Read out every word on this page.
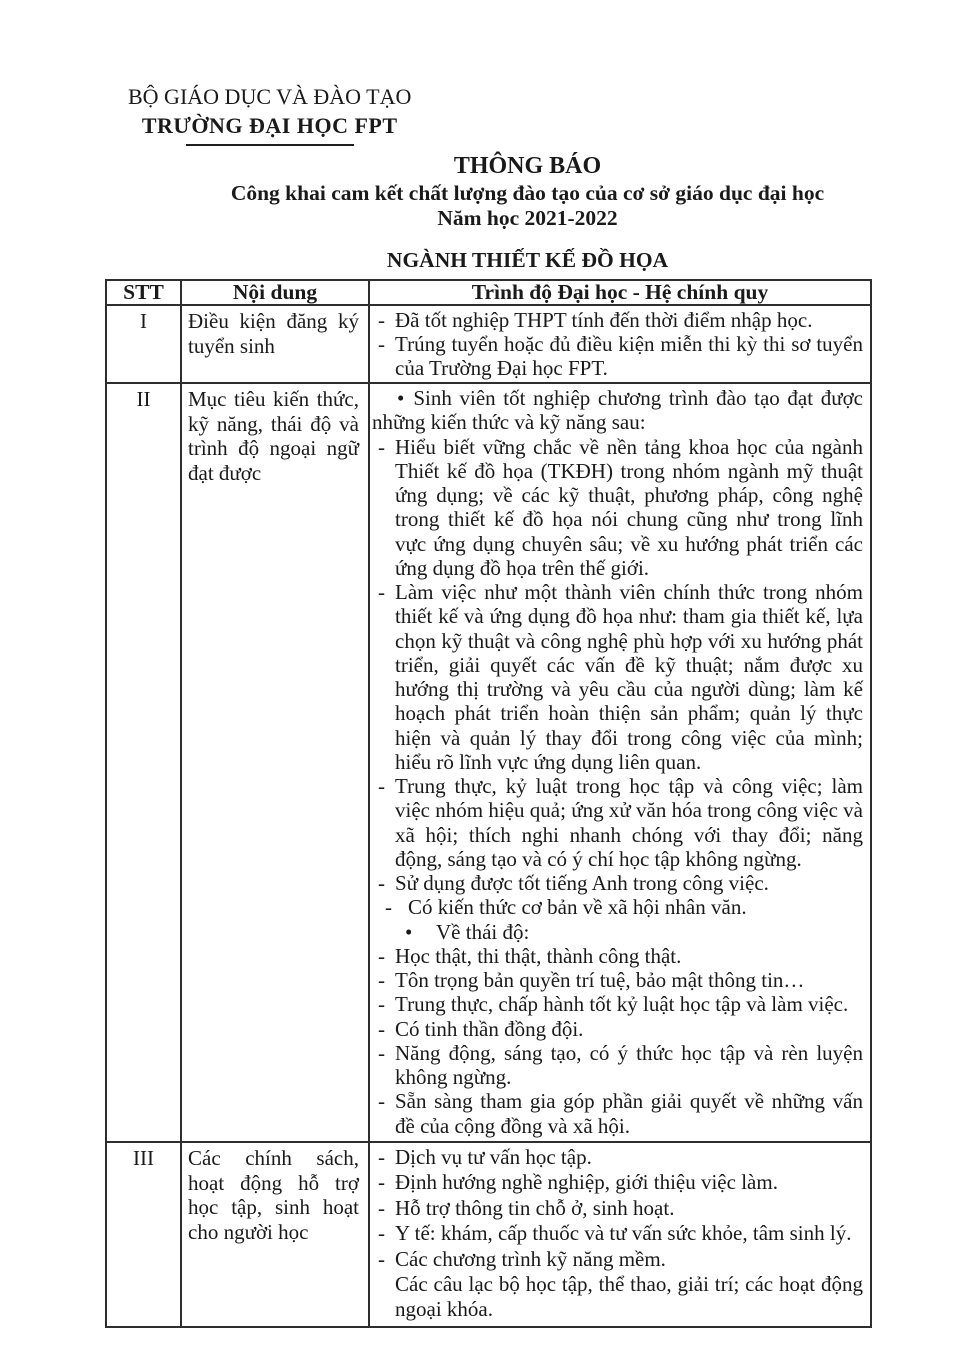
BỘ GIÁO DỤC VÀ ĐÀO TẠO
TRƯỜNG ĐẠI HỌC FPT
THÔNG BÁO
Công khai cam kết chất lượng đào tạo của cơ sở giáo dục đại học
Năm học 2021-2022
NGÀNH THIẾT KẾ ĐỒ HỌA
STT	Nội dung	Trình độ Đại học - Hệ chính quy
I	Điều kiện đăng ký tuyển sinh	- Đã tốt nghiệp THPT tính đến thời điểm nhập học.
- Trúng tuyển hoặc đủ điều kiện miễn thi kỳ thi sơ tuyển của Trường Đại học FPT.

II	Mục tiêu kiến thức, kỹ năng, thái độ và trình độ ngoại ngữ đạt được	
• Sinh viên tốt nghiệp chương trình đào tạo đạt được những kiến thức và kỹ năng sau:
- Hiểu biết vững chắc về nền tảng khoa học của ngành Thiết kế đồ họa (TKĐH) trong nhóm ngành mỹ thuật ứng dụng; về các kỹ thuật, phương pháp, công nghệ trong thiết kế đồ họa nói chung cũng như trong lĩnh vực ứng dụng chuyên sâu; về xu hướng phát triển các ứng dụng đồ họa trên thế giới.
- Làm việc như một thành viên chính thức trong nhóm thiết kế và ứng dụng đồ họa như: tham gia thiết kế, lựa chọn kỹ thuật và công nghệ phù hợp với xu hướng phát triển, giải quyết các vấn đề kỹ thuật; nắm được xu hướng thị trường và yêu cầu của người dùng; làm kế hoạch phát triển hoàn thiện sản phẩm; quản lý thực hiện và quản lý thay đổi trong công việc của mình; hiểu rõ lĩnh vực ứng dụng liên quan.
- Trung thực, kỷ luật trong học tập và công việc; làm việc nhóm hiệu quả; ứng xử văn hóa trong công việc và xã hội; thích nghi nhanh chóng với thay đổi; năng động, sáng tạo và có ý chí học tập không ngừng.
- Sử dụng được tốt tiếng Anh trong công việc.
- Có kiến thức cơ bản về xã hội nhân văn.
• Về thái độ:
- Học thật, thi thật, thành công thật.
- Tôn trọng bản quyền trí tuệ, bảo mật thông tin…
- Trung thực, chấp hành tốt kỷ luật học tập và làm việc.
- Có tinh thần đồng đội.
- Năng động, sáng tạo, có ý thức học tập và rèn luyện không ngừng.
- Sẵn sàng tham gia góp phần giải quyết về những vấn đề của cộng đồng và xã hội.

III	Các chính sách, hoạt động hỗ trợ học tập, sinh hoạt cho người học	
- Dịch vụ tư vấn học tập.
- Định hướng nghề nghiệp, giới thiệu việc làm.
- Hỗ trợ thông tin chỗ ở, sinh hoạt.
- Y tế: khám, cấp thuốc và tư vấn sức khỏe, tâm sinh lý.
- Các chương trình kỹ năng mềm.
Các câu lạc bộ học tập, thể thao, giải trí; các hoạt động ngoại khóa.
